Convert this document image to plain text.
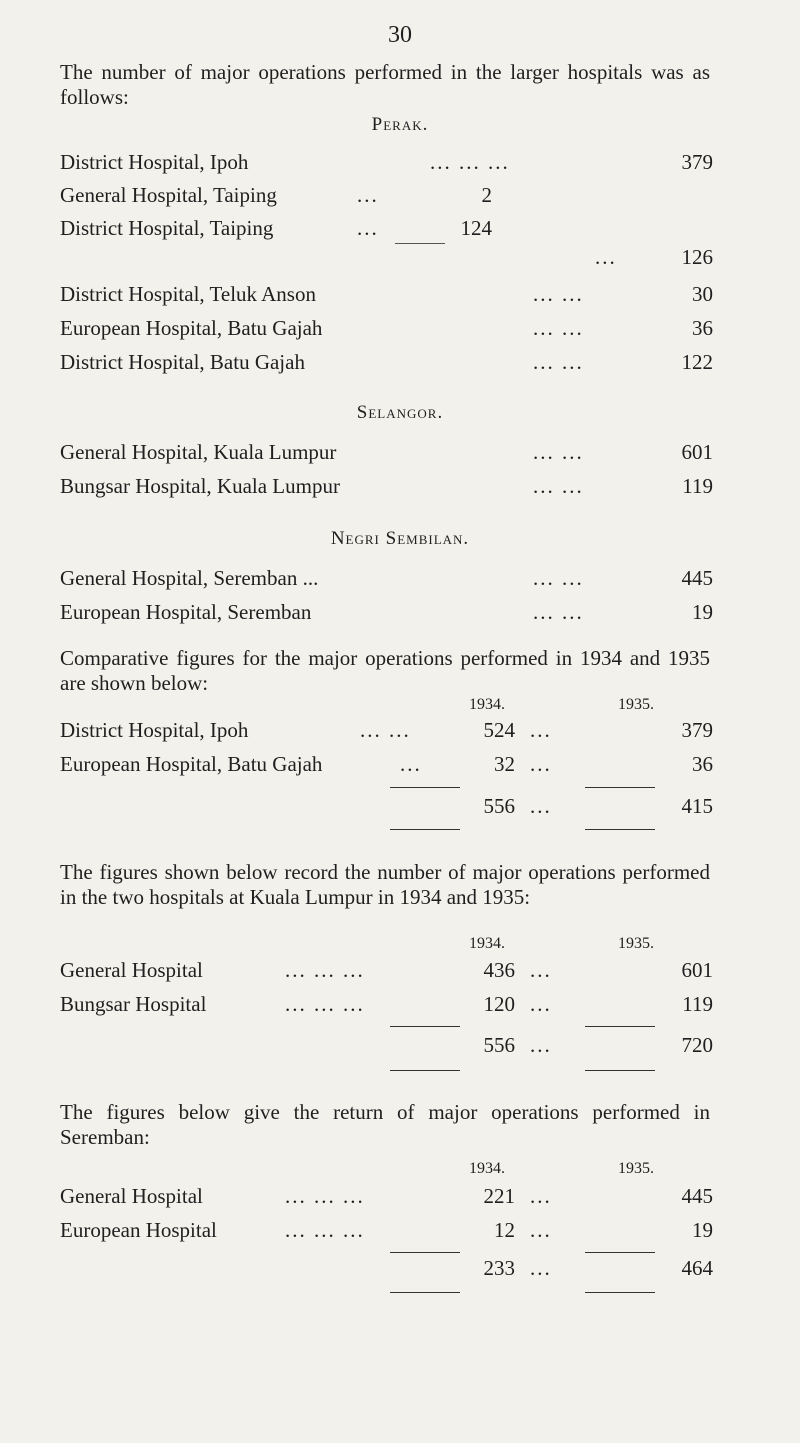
30
The number of major operations performed in the larger hospitals was as follows:
Perak.
District Hospital, Ipoh	... ... ...	379
General Hospital, Taiping	...	2
District Hospital, Taiping	...	124
...	126
District Hospital, Teluk Anson	... ...	30
European Hospital, Batu Gajah	... ...	36
District Hospital, Batu Gajah	... ...	122
Selangor.
General Hospital, Kuala Lumpur	... ...	601
Bungsar Hospital, Kuala Lumpur	... ...	119
Negri Sembilan.
General Hospital, Seremban ...	... ...	445
European Hospital, Seremban	... ...	19
Comparative figures for the major operations performed in 1934 and 1935 are shown below:
1934.	1935.
District Hospital, Ipoh	... ...	524 ...	379
European Hospital, Batu Gajah	...	32 ...	36
556 ...	415
The figures shown below record the number of major operations performed in the two hospitals at Kuala Lumpur in 1934 and 1935:
1934.	1935.
General Hospital	... ... ...	436 ...	601
Bungsar Hospital	... ... ...	120 ...	119
556 ...	720
The figures below give the return of major operations performed in Seremban:
1934.	1935.
General Hospital	... ... ...	221 ...	445
European Hospital	... ... ...	12 ...	19
233 ...	464
